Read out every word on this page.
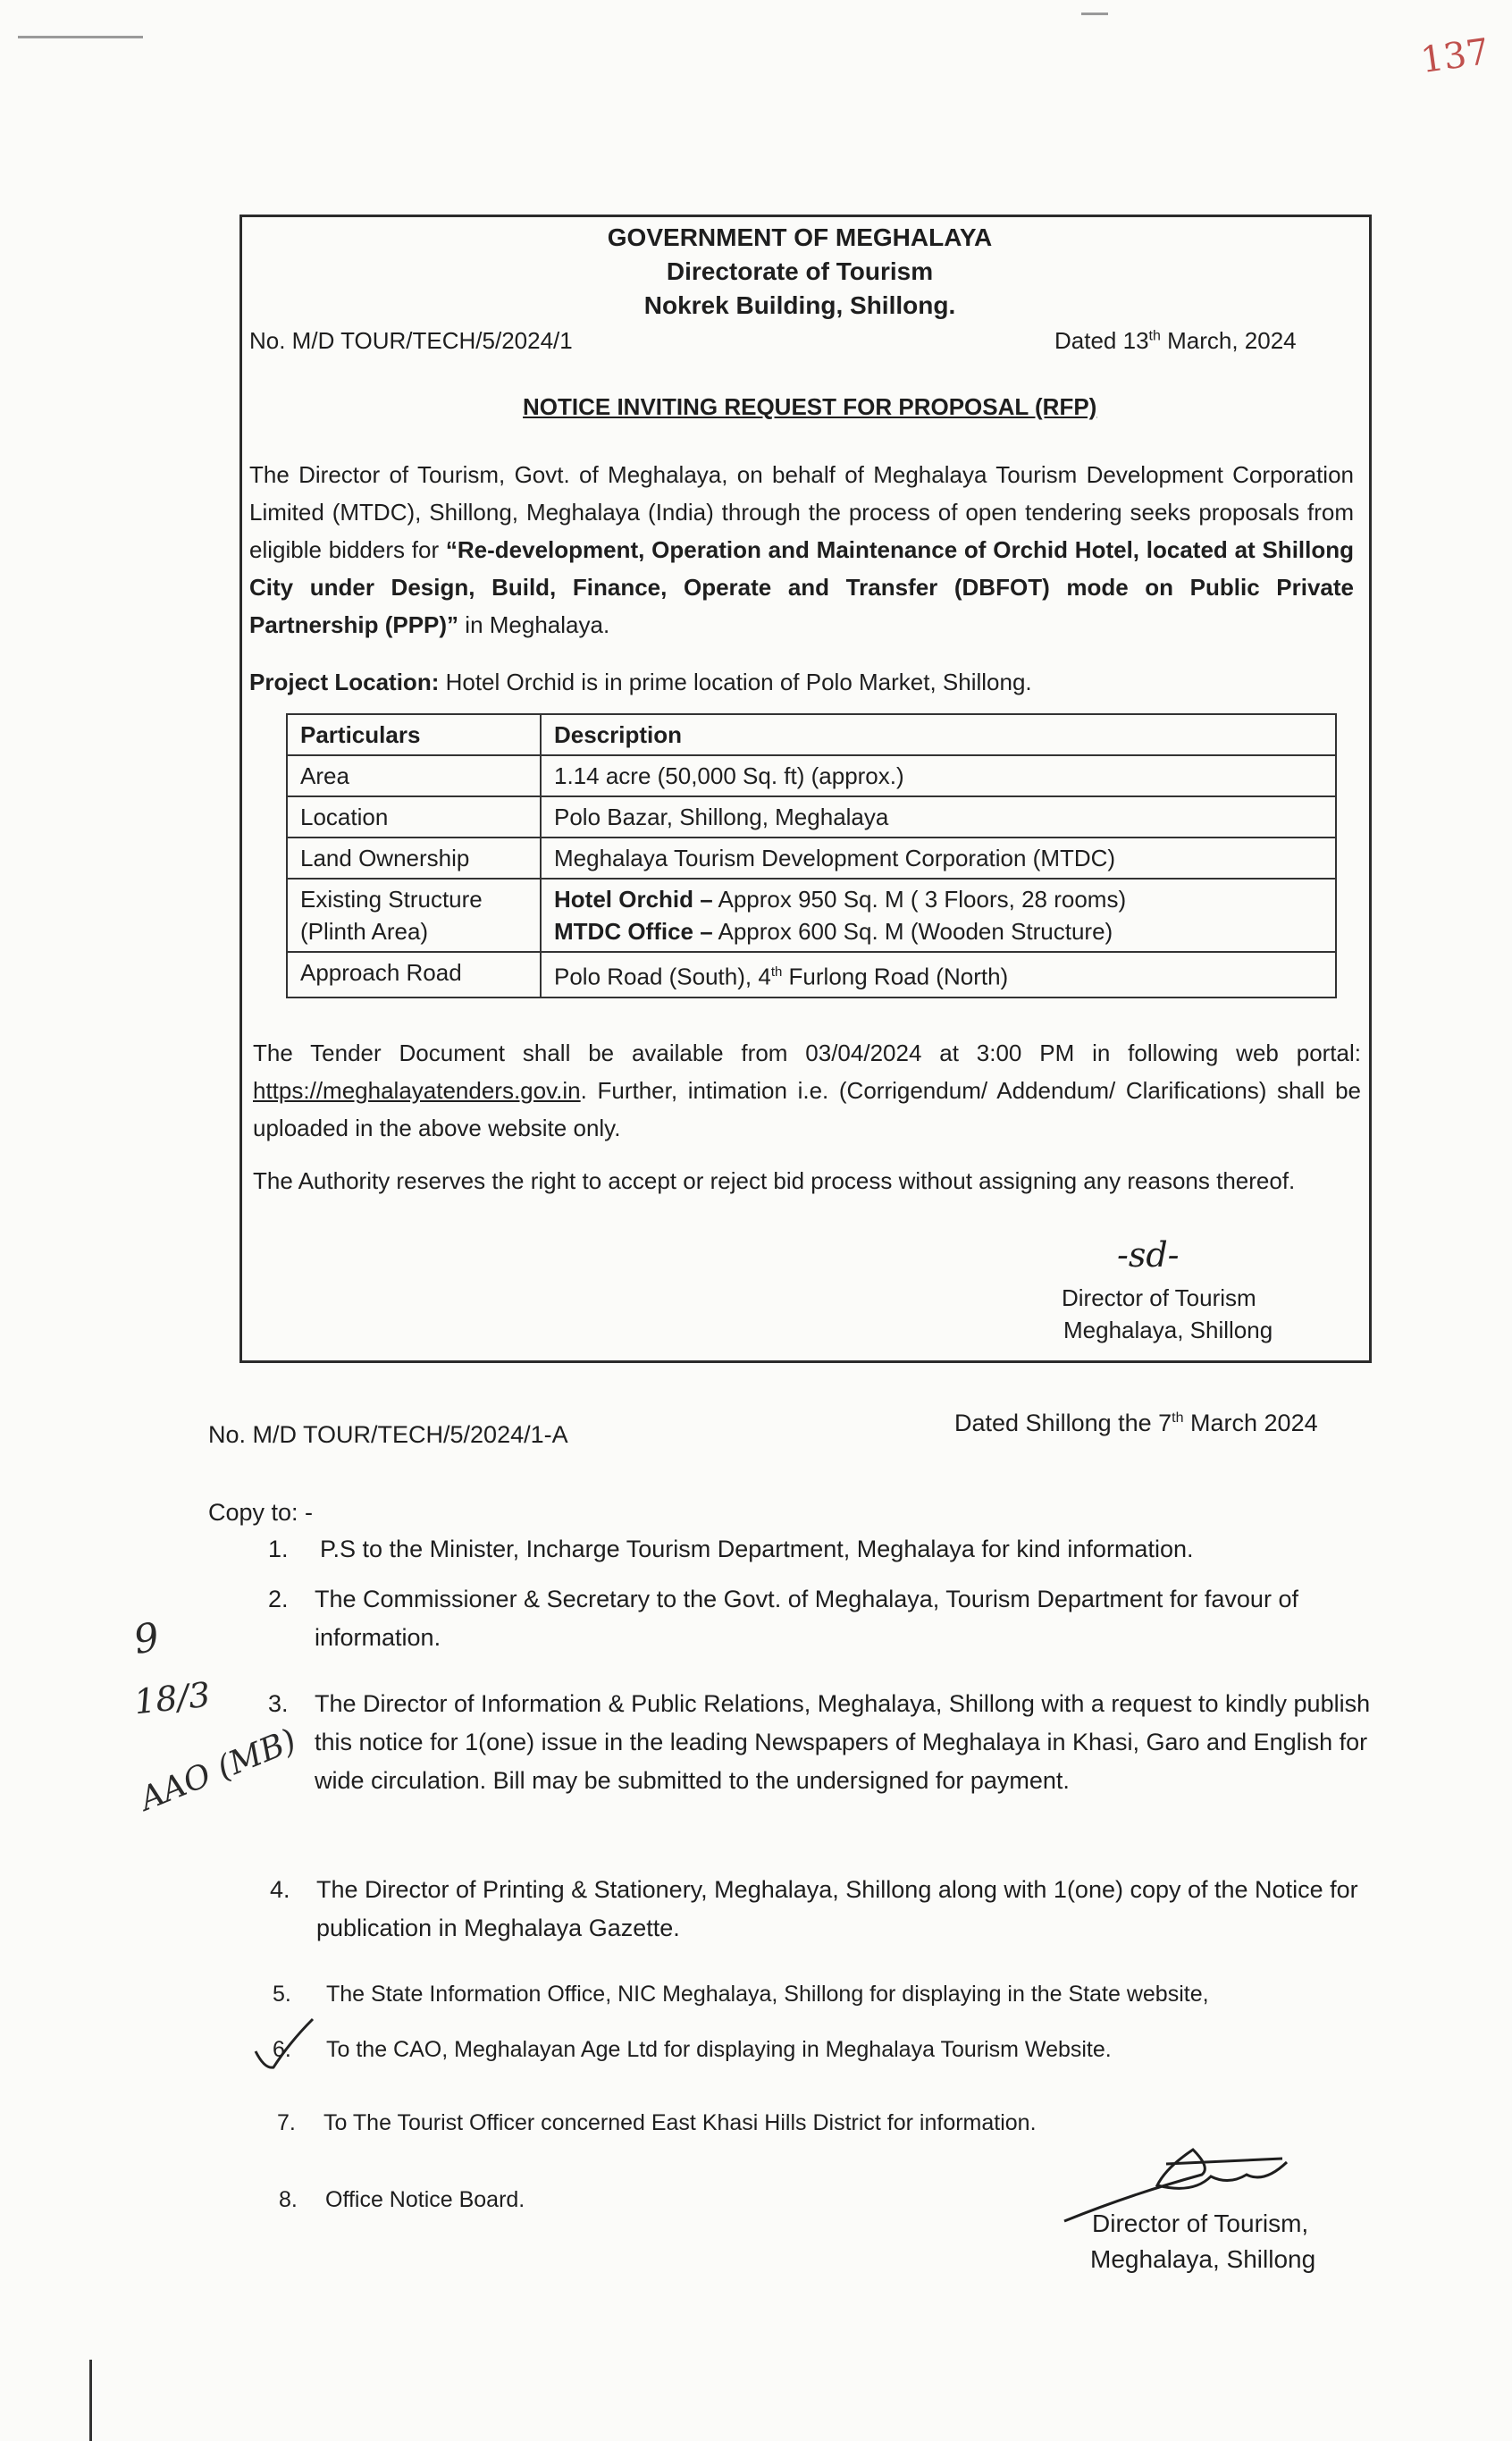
137
GOVERNMENT OF MEGHALAYA
Directorate of Tourism
Nokrek Building, Shillong.
No. M/D TOUR/TECH/5/2024/1	Dated 13th March, 2024
NOTICE INVITING REQUEST FOR PROPOSAL (RFP)
The Director of Tourism, Govt. of Meghalaya, on behalf of Meghalaya Tourism Development Corporation Limited (MTDC), Shillong, Meghalaya (India) through the process of open tendering seeks proposals from eligible bidders for “Re-development, Operation and Maintenance of Orchid Hotel, located at Shillong City under Design, Build, Finance, Operate and Transfer (DBFOT) mode on Public Private Partnership (PPP)” in Meghalaya.
Project Location: Hotel Orchid is in prime location of Polo Market, Shillong.
Particulars	Description
Area	1.14 acre (50,000 Sq. ft) (approx.)
Location	Polo Bazar, Shillong, Meghalaya
Land Ownership	Meghalaya Tourism Development Corporation (MTDC)
Existing Structure (Plinth Area)	Hotel Orchid – Approx 950 Sq. M ( 3 Floors, 28 rooms)
MTDC Office – Approx 600 Sq. M (Wooden Structure)

Approach Road	Polo Road (South), 4th Furlong Road (North)
The Tender Document shall be available from 03/04/2024 at 3:00 PM in following web portal: https://meghalayatenders.gov.in. Further, intimation i.e. (Corrigendum/ Addendum/ Clarifications) shall be uploaded in the above website only.
The Authority reserves the right to accept or reject bid process without assigning any reasons thereof.
-sd-
Director of Tourism
Meghalaya, Shillong
No. M/D TOUR/TECH/5/2024/1-A	Dated Shillong the 7th March 2024
Copy to: -
1. P.S to the Minister, Incharge Tourism Department, Meghalaya for kind information.
2. The Commissioner & Secretary to the Govt. of Meghalaya, Tourism Department for favour of information.
3. The Director of Information & Public Relations, Meghalaya, Shillong with a request to kindly publish this notice for 1(one) issue in the leading Newspapers of Meghalaya in Khasi, Garo and English for wide circulation. Bill may be submitted to the undersigned for payment.
4. The Director of Printing & Stationery, Meghalaya, Shillong along with 1(one) copy of the Notice for publication in Meghalaya Gazette.
5. The State Information Office, NIC Meghalaya, Shillong for displaying in the State website,
6. To the CAO, Meghalayan Age Ltd for displaying in Meghalaya Tourism Website.
7. To The Tourist Officer concerned East Khasi Hills District for information.
8. Office Notice Board.
9
18/3
AAO (MB)
Director of Tourism,
Meghalaya, Shillong
